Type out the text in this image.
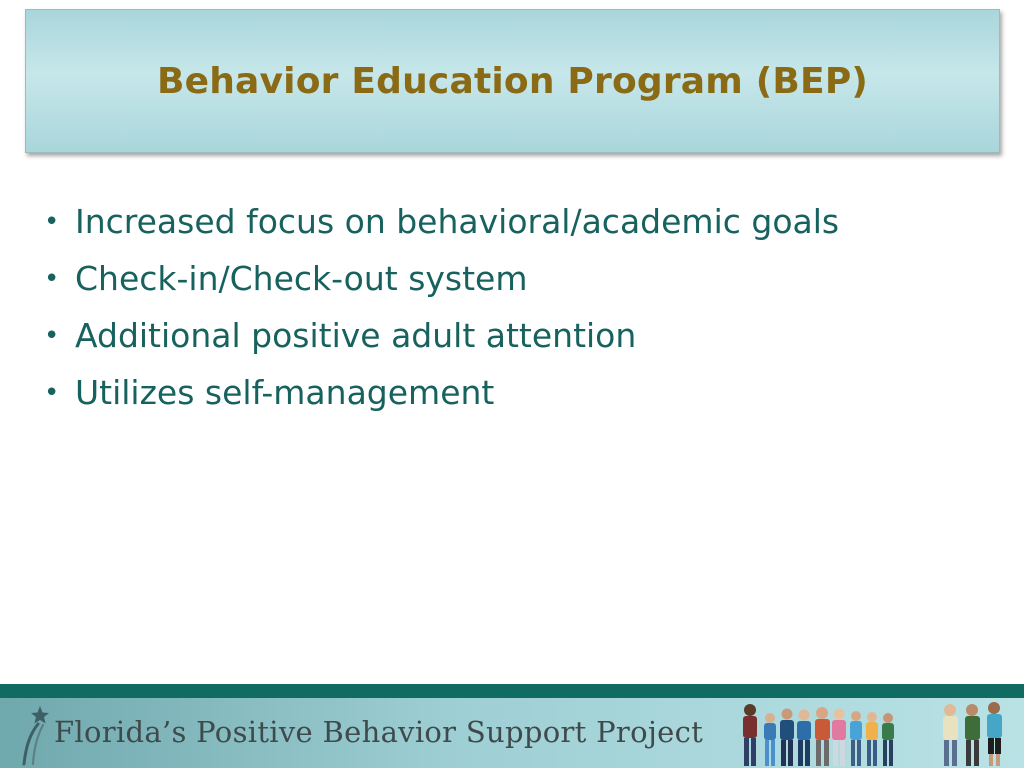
Behavior Education Program (BEP)
• Increased focus on behavioral/academic goals
• Check-in/Check-out system
• Additional positive adult attention
• Utilizes self-management
Florida’s Positive Behavior Support Project
